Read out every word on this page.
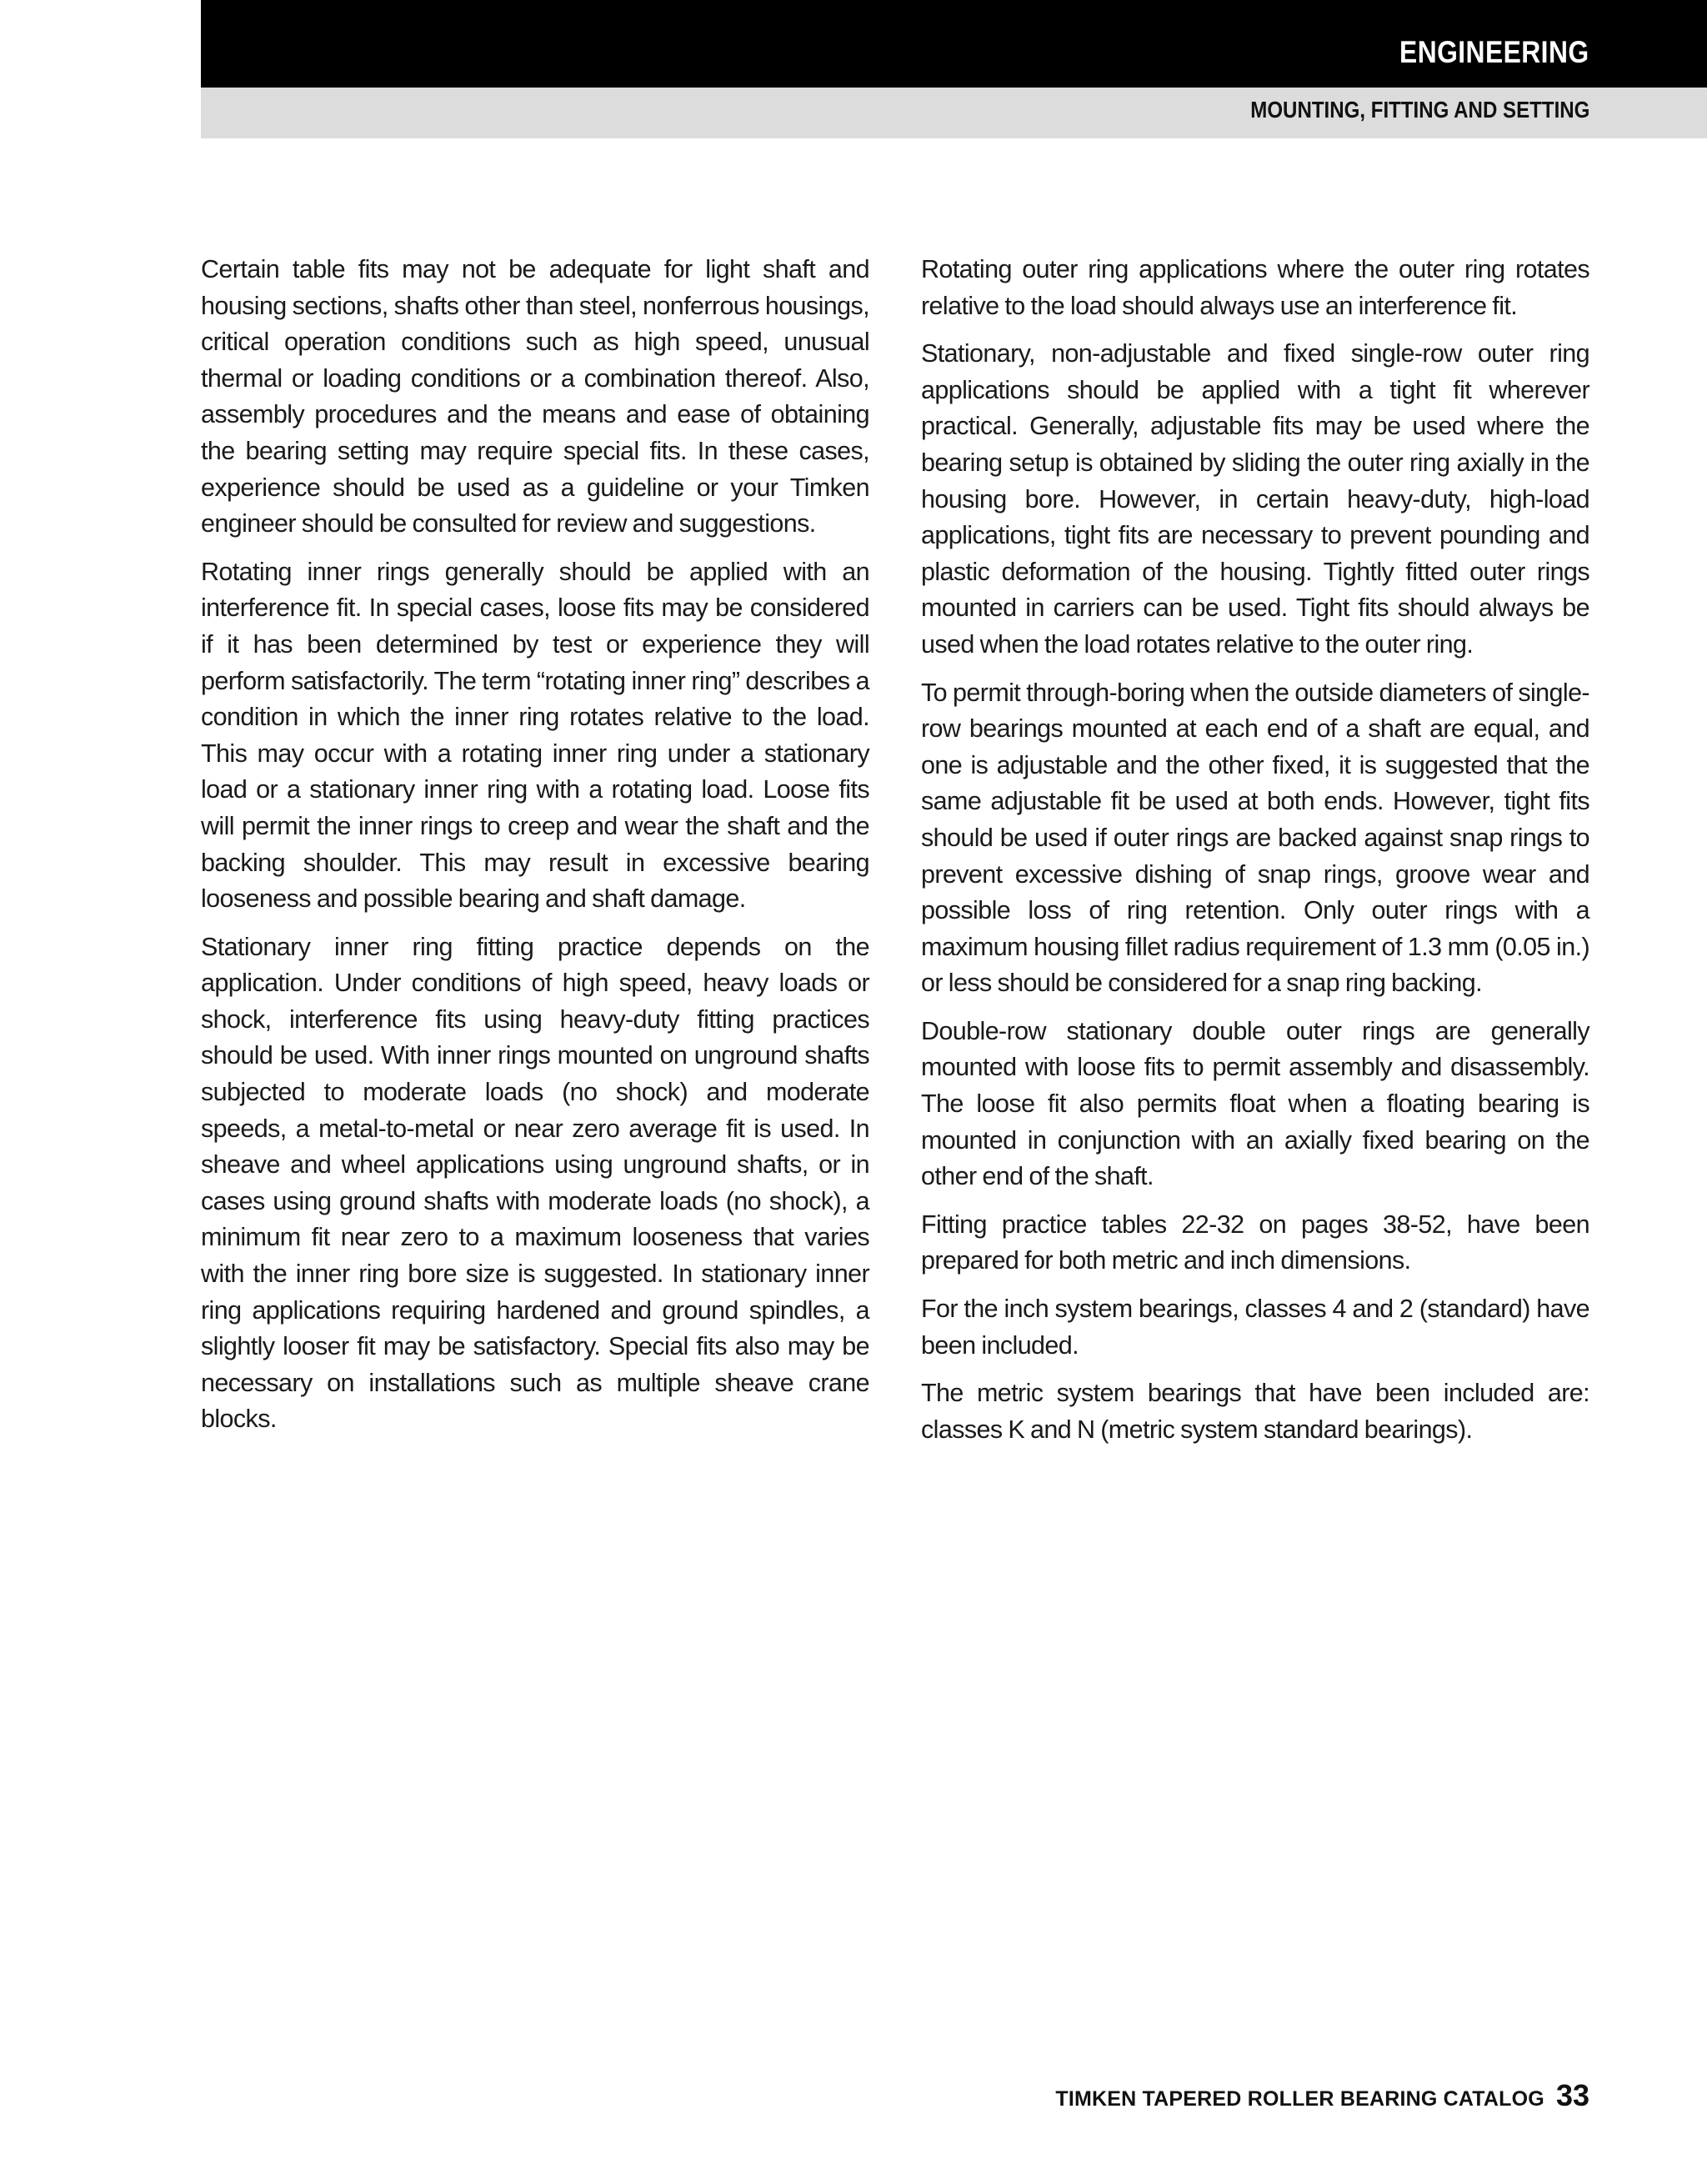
ENGINEERING
MOUNTING, FITTING AND SETTING

Certain table fits may not be adequate for light shaft and housing sections, shafts other than steel, nonferrous housings, critical operation conditions such as high speed, unusual thermal or loading conditions or a combination thereof. Also, assembly procedures and the means and ease of obtaining the bearing setting may require special fits. In these cases, experience should be used as a guideline or your Timken engineer should be consulted for review and suggestions.

Rotating inner rings generally should be applied with an interference fit. In special cases, loose fits may be considered if it has been determined by test or experience they will perform satisfactorily. The term “rotating inner ring” describes a condition in which the inner ring rotates relative to the load. This may occur with a rotating inner ring under a stationary load or a stationary inner ring with a rotating load. Loose fits will permit the inner rings to creep and wear the shaft and the backing shoulder. This may result in excessive bearing looseness and possible bearing and shaft damage.

Stationary inner ring fitting practice depends on the application. Under conditions of high speed, heavy loads or shock, interference fits using heavy-duty fitting practices should be used. With inner rings mounted on unground shafts subjected to moderate loads (no shock) and moderate speeds, a metal-to-metal or near zero average fit is used. In sheave and wheel applications using unground shafts, or in cases using ground shafts with moderate loads (no shock), a minimum fit near zero to a maximum looseness that varies with the inner ring bore size is suggested. In stationary inner ring applications requiring hardened and ground spindles, a slightly looser fit may be satisfactory. Special fits also may be necessary on installations such as multiple sheave crane blocks.

Rotating outer ring applications where the outer ring rotates relative to the load should always use an interference fit.

Stationary, non-adjustable and fixed single-row outer ring applications should be applied with a tight fit wherever practical. Generally, adjustable fits may be used where the bearing setup is obtained by sliding the outer ring axially in the housing bore. However, in certain heavy-duty, high-load applications, tight fits are necessary to prevent pounding and plastic deformation of the housing. Tightly fitted outer rings mounted in carriers can be used. Tight fits should always be used when the load rotates relative to the outer ring.

To permit through-boring when the outside diameters of single-row bearings mounted at each end of a shaft are equal, and one is adjustable and the other fixed, it is suggested that the same adjustable fit be used at both ends. However, tight fits should be used if outer rings are backed against snap rings to prevent excessive dishing of snap rings, groove wear and possible loss of ring retention. Only outer rings with a maximum housing fillet radius requirement of 1.3 mm (0.05 in.) or less should be considered for a snap ring backing.

Double-row stationary double outer rings are generally mounted with loose fits to permit assembly and disassembly. The loose fit also permits float when a floating bearing is mounted in conjunction with an axially fixed bearing on the other end of the shaft.

Fitting practice tables 22-32 on pages 38-52, have been prepared for both metric and inch dimensions.

For the inch system bearings, classes 4 and 2 (standard) have been included.

The metric system bearings that have been included are: classes K and N (metric system standard bearings).

TIMKEN TAPERED ROLLER BEARING CATALOG 33
